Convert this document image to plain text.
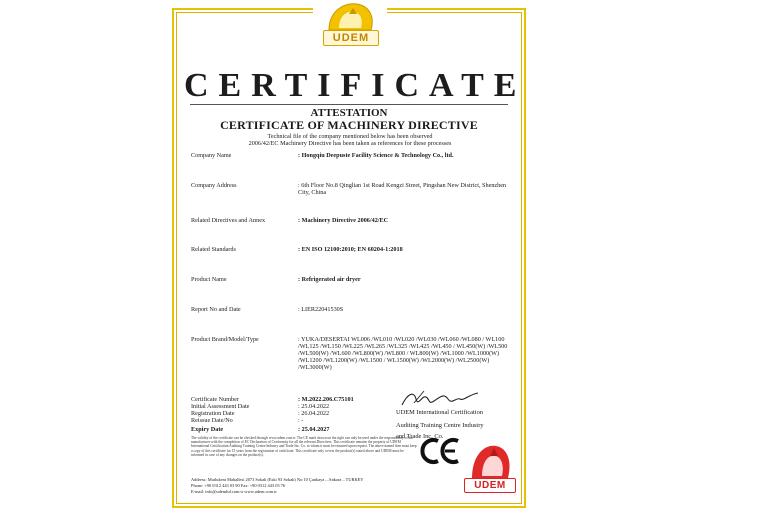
UDEM
CERTIFICATE
ATTESTATION
CERTIFICATE OF MACHINERY DIRECTIVE
Technical file of the company mentioned below has been observed
2006/42/EC Machinery Directive has been taken as references for these processes
Company Name	: Hongqiu Deepuste Facility Science & Technology Co., ltd.
Company Address	: 6th Floor No.8 Qinglian 1st Road Kengzi Street, Pingshan New District, Shenzhen City, China
Related Directives and Annex	: Machinery Directive 2006/42/EC
Related Standards	: EN ISO 12100:2010; EN 60204-1:2018
Product Name	: Refrigerated air dryer
Report No and Date	: LIER22041530S
Product Brand/Model/Type	: YUKA/DESERTAI WL006 /WL010 /WL020 /WL030 /WL060 /WL080 / WL100 /WL125 /WL150 /WL225 /WL265 /WL325 /WL425 /WL450 / WL450(W) /WL500 /WL500(W) /WL600 /WL800(W) /WL800 / WL800(W) /WL1000 /WL1000(W) /WL1200 /WL1200(W) /WL1500 / WL1500(W) /WL2000(W) /WL2500(W) /WL3000(W)
Certificate Number	: M.2022.206.C75101
Initial Assessment Date	: 25.04.2022
Registration Date	: 26.04.2022
Reissue Date/No	: -
Expiry Date	: 25.04.2027
UDEM International Certification
Auditing Training Centre Industry
and Trade Inc. Co.
The validity of the certificate can be checked through www.udem.com.tr. The CE mark shown on the right can only be used under the responsibility of the manufacturer with the completion of EC Declaration of Conformity for all the relevant Directives. This certificate remains the property of UDEM International Certification Auditing Training Centre Industry and Trade Inc. Co. to whom it must be returned upon request. The above named firm must keep a copy of this certificate for 15 years from the registration of certificate. This certificate only covers the product(s) stated above and UDEM must be informed in case of any changes on the product(s).
Address: Mutlukent Mahallesi 2073 Sokak (Eski 93 Sokak) No:10 Çankaya – Ankara – TURKEY
Phone: +90 0312 443 03 90 Fax: +90 0312 443 03 76
E-mail: info@udemltd.com.tr www.udem.com.tr
UDEM
